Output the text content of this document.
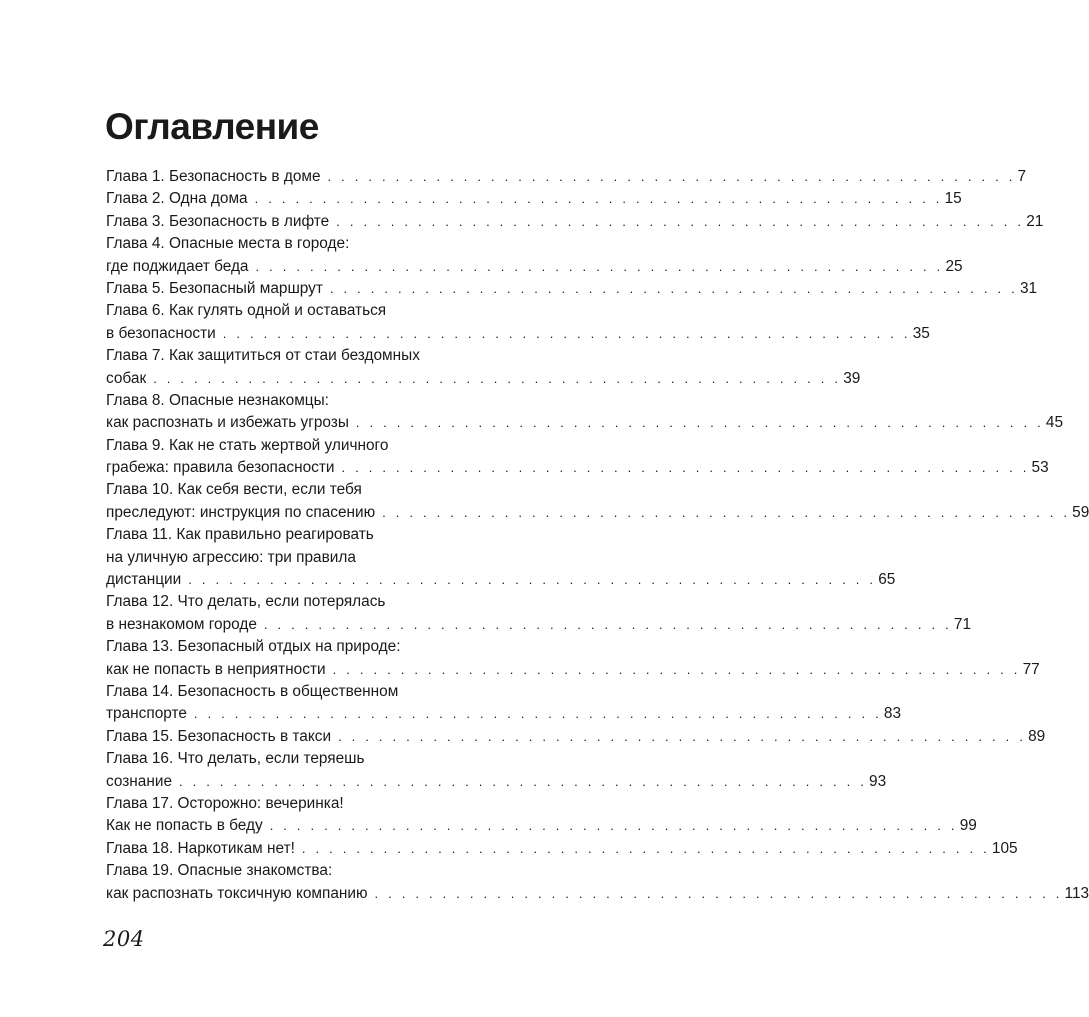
Оглавление
Глава 1. Безопасность в доме . . . . . . . . . . . . . . . . . . . . . . . . . . . . . . . . . . . . . . . . . . . . . . . . . . . 7
Глава 2. Одна дома . . . . . . . . . . . . . . . . . . . . . . . . . . . . . . . . . . . . . . . . . . . . . . . . . . . 15
Глава 3. Безопасность в лифте . . . . . . . . . . . . . . . . . . . . . . . . . . . . . . . . . . . . . . . . . . . . . . . . . . . 21
Глава 4. Опасные места в городе:
где поджидает беда . . . . . . . . . . . . . . . . . . . . . . . . . . . . . . . . . . . . . . . . . . . . . . . . . . . 25
Глава 5. Безопасный маршрут . . . . . . . . . . . . . . . . . . . . . . . . . . . . . . . . . . . . . . . . . . . . . . . . . . . 31
Глава 6. Как гулять одной и оставаться
в безопасности . . . . . . . . . . . . . . . . . . . . . . . . . . . . . . . . . . . . . . . . . . . . . . . . . . . 35
Глава 7. Как защититься от стаи бездомных
собак . . . . . . . . . . . . . . . . . . . . . . . . . . . . . . . . . . . . . . . . . . . . . . . . . . . 39
Глава 8. Опасные незнакомцы:
как распознать и избежать угрозы . . . . . . . . . . . . . . . . . . . . . . . . . . . . . . . . . . . . . . . . . . . . . . . . . . . 45
Глава 9. Как не стать жертвой уличного
грабежа: правила безопасности . . . . . . . . . . . . . . . . . . . . . . . . . . . . . . . . . . . . . . . . . . . . . . . . . . . 53
Глава 10. Как себя вести, если тебя
преследуют: инструкция по спасению . . . . . . . . . . . . . . . . . . . . . . . . . . . . . . . . . . . . . . . . . . . . . . . . . . . 59
Глава 11. Как правильно реагировать
на уличную агрессию: три правила
дистанции . . . . . . . . . . . . . . . . . . . . . . . . . . . . . . . . . . . . . . . . . . . . . . . . . . . 65
Глава 12. Что делать, если потерялась
в незнакомом городе . . . . . . . . . . . . . . . . . . . . . . . . . . . . . . . . . . . . . . . . . . . . . . . . . . . 71
Глава 13. Безопасный отдых на природе:
как не попасть в неприятности . . . . . . . . . . . . . . . . . . . . . . . . . . . . . . . . . . . . . . . . . . . . . . . . . . . 77
Глава 14. Безопасность в общественном
транспорте . . . . . . . . . . . . . . . . . . . . . . . . . . . . . . . . . . . . . . . . . . . . . . . . . . . 83
Глава 15. Безопасность в такси . . . . . . . . . . . . . . . . . . . . . . . . . . . . . . . . . . . . . . . . . . . . . . . . . . . 89
Глава 16. Что делать, если теряешь
сознание . . . . . . . . . . . . . . . . . . . . . . . . . . . . . . . . . . . . . . . . . . . . . . . . . . . 93
Глава 17. Осторожно: вечеринка!
Как не попасть в беду . . . . . . . . . . . . . . . . . . . . . . . . . . . . . . . . . . . . . . . . . . . . . . . . . . . 99
Глава 18. Наркотикам нет! . . . . . . . . . . . . . . . . . . . . . . . . . . . . . . . . . . . . . . . . . . . . . . . . . . . 105
Глава 19. Опасные знакомства:
как распознать токсичную компанию . . . . . . . . . . . . . . . . . . . . . . . . . . . . . . . . . . . . . . . . . . . . . . . . . . . 113
204
